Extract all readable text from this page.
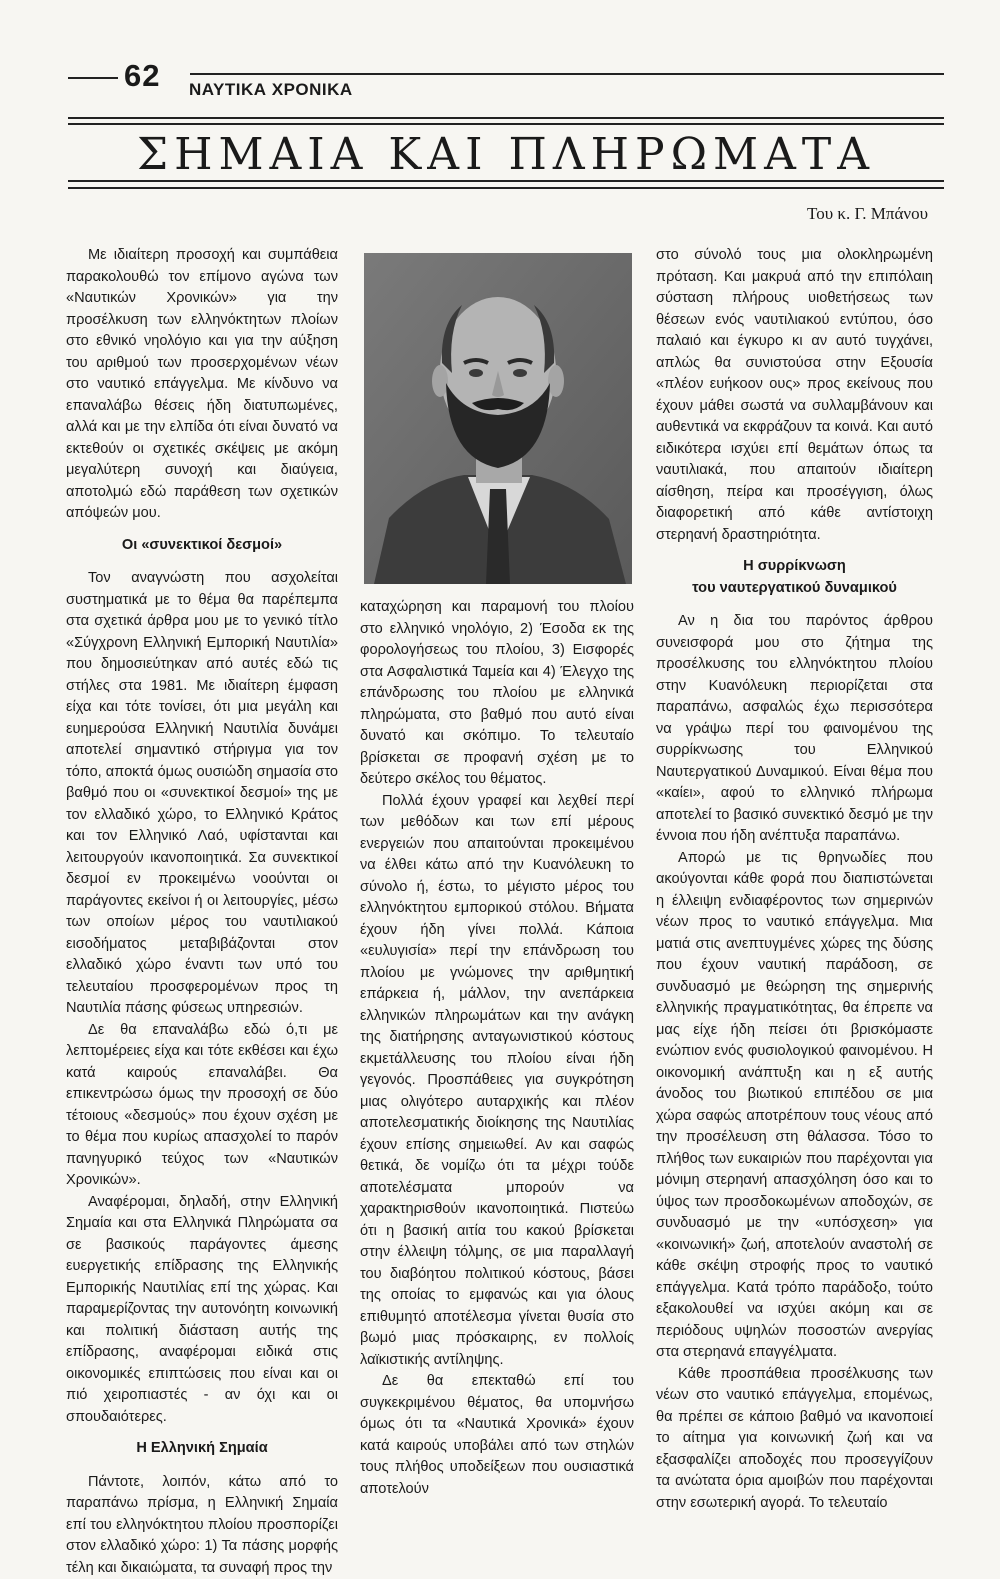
62 ΝΑΥΤΙΚΑ ΧΡΟΝΙΚΑ
ΣΗΜΑΙΑ ΚΑΙ ΠΛΗΡΩΜΑΤΑ
Του κ. Γ. Μπάνου

Με ιδιαίτερη προσοχή και συμπάθεια παρακολουθώ τον επίμονο αγώνα των «Ναυτικών Χρονικών» για την προσέλκυση των ελληνόκτητων πλοίων στο εθνικό νηολόγιο και για την αύξηση του αριθμού των προσερχομένων νέων στο ναυτικό επάγγελμα. Με κίνδυνο να επαναλάβω θέσεις ήδη διατυπωμένες, αλλά και με την ελπίδα ότι είναι δυνατό να εκτεθούν οι σχετικές σκέψεις με ακόμη μεγαλύτερη συνοχή και διαύγεια, αποτολμώ εδώ παράθεση των σχετικών απόψεών μου.

Οι «συνεκτικοί δεσμοί»

Τον αναγνώστη που ασχολείται συστηματικά με το θέμα θα παρέπεμπα στα σχετικά άρθρα μου με το γενικό τίτλο «Σύγχρονη Ελληνική Εμπορική Ναυτιλία» που δημοσιεύτηκαν από αυτές εδώ τις στήλες στα 1981. Με ιδιαίτερη έμφαση είχα και τότε τονίσει, ότι μια μεγάλη και ευημερούσα Ελληνική Ναυτιλία δυνάμει αποτελεί σημαντικό στήριγμα για τον τόπο, αποκτά όμως ουσιώδη σημασία στο βαθμό που οι «συνεκτικοί δεσμοί» της με τον ελλαδικό χώρο, το Ελληνικό Κράτος και τον Ελληνικό Λαό, υφίστανται και λειτουργούν ικανοποιητικά. Σα συνεκτικοί δεσμοί εν προκειμένω νοούνται οι παράγοντες εκείνοι ή οι λειτουργίες, μέσω των οποίων μέρος του ναυτιλιακού εισοδήματος μεταβιβάζονται στον ελλαδικό χώρο έναντι των υπό του τελευταίου προσφερομένων προς τη Ναυτιλία πάσης φύσεως υπηρεσιών.

Δε θα επαναλάβω εδώ ό,τι με λεπτομέρειες είχα και τότε εκθέσει και έχω κατά καιρούς επαναλάβει. Θα επικεντρώσω όμως την προσοχή σε δύο τέτοιους «δεσμούς» που έχουν σχέση με το θέμα που κυρίως απασχολεί το παρόν πανηγυρικό τεύχος των «Ναυτικών Χρονικών».

Αναφέρομαι, δηλαδή, στην Ελληνική Σημαία και στα Ελληνικά Πληρώματα σα σε βασικούς παράγοντες άμεσης ευεργετικής επίδρασης της Ελληνικής Εμπορικής Ναυτιλίας επί της χώρας. Και παραμερίζοντας την αυτονόητη κοινωνική και πολιτική διάσταση αυτής της επίδρασης, αναφέρομαι ειδικά στις οικονομικές επιπτώσεις που είναι και οι πιό χειροπιαστές - αν όχι και οι σπουδαιότερες.

Η Ελληνική Σημαία

Πάντοτε, λοιπόν, κάτω από το παραπάνω πρίσμα, η Ελληνική Σημαία επί του ελληνόκτητου πλοίου προσπορίζει στον ελλαδικό χώρο: 1) Τα πάσης μορφής τέλη και δικαιώματα, τα συναφή προς την

καταχώρηση και παραμονή του πλοίου στο ελληνικό νηολόγιο, 2) Έσοδα εκ της φορολογήσεως του πλοίου, 3) Εισφορές στα Ασφαλιστικά Ταμεία και 4) Έλεγχο της επάνδρωσης του πλοίου με ελληνικά πληρώματα, στο βαθμό που αυτό είναι δυνατό και σκόπιμο. Το τελευταίο βρίσκεται σε προφανή σχέση με το δεύτερο σκέλος του θέματος.

Πολλά έχουν γραφεί και λεχθεί περί των μεθόδων και των επί μέρους ενεργειών που απαιτούνται προκειμένου να έλθει κάτω από την Κυανόλευκη το σύνολο ή, έστω, το μέγιστο μέρος του ελληνόκτητου εμπορικού στόλου. Βήματα έχουν ήδη γίνει πολλά. Κάποια «ευλυγισία» περί την επάνδρωση του πλοίου με γνώμονες την αριθμητική επάρκεια ή, μάλλον, την ανεπάρκεια ελληνικών πληρωμάτων και την ανάγκη της διατήρησης ανταγωνιστικού κόστους εκμετάλλευσης του πλοίου είναι ήδη γεγονός. Προσπάθειες για συγκρότηση μιας ολιγότερο αυταρχικής και πλέον αποτελεσματικής διοίκησης της Ναυτιλίας έχουν επίσης σημειωθεί. Αν και σαφώς θετικά, δε νομίζω ότι τα μέχρι τούδε αποτελέσματα μπορούν να χαρακτηρισθούν ικανοποιητικά. Πιστεύω ότι η βασική αιτία του κακού βρίσκεται στην έλλειψη τόλμης, σε μια παραλλαγή του διαβόητου πολιτικού κόστους, βάσει της οποίας το εμφανώς και για όλους επιθυμητό αποτέλεσμα γίνεται θυσία στο βωμό μιας πρόσκαιρης, εν πολλοίς λαϊκιστικής αντίληψης.

Δε θα επεκταθώ επί του συγκεκριμένου θέματος, θα υπομνήσω όμως ότι τα «Ναυτικά Χρονικά» έχουν κατά καιρούς υποβάλει από των στηλών τους πλήθος υποδείξεων που ουσιαστικά αποτελούν

στο σύνολό τους μια ολοκληρωμένη πρόταση. Και μακρυά από την επιπόλαιη σύσταση πλήρους υιοθετήσεως των θέσεων ενός ναυτιλιακού εντύπου, όσο παλαιό και έγκυρο κι αν αυτό τυγχάνει, απλώς θα συνιστούσα στην Εξουσία «πλέον ευήκοον ους» προς εκείνους που έχουν μάθει σωστά να συλλαμβάνουν και αυθεντικά να εκφράζουν τα κοινά. Και αυτό ειδικότερα ισχύει επί θεμάτων όπως τα ναυτιλιακά, που απαιτούν ιδιαίτερη αίσθηση, πείρα και προσέγγιση, όλως διαφορετική από κάθε αντίστοιχη στερηανή δραστηριότητα.

Η συρρίκνωση
του ναυτεργατικού δυναμικού

Αν η δια του παρόντος άρθρου συνεισφορά μου στο ζήτημα της προσέλκυσης του ελληνόκτητου πλοίου στην Κυανόλευκη περιορίζεται στα παραπάνω, ασφαλώς έχω περισσότερα να γράψω περί του φαινομένου της συρρίκνωσης του Ελληνικού Ναυτεργατικού Δυναμικού. Είναι θέμα που «καίει», αφού το ελληνικό πλήρωμα αποτελεί το βασικό συνεκτικό δεσμό με την έννοια που ήδη ανέπτυξα παραπάνω.

Απορώ με τις θρηνωδίες που ακούγονται κάθε φορά που διαπιστώνεται η έλλειψη ενδιαφέροντος των σημερινών νέων προς το ναυτικό επάγγελμα. Μια ματιά στις ανεπτυγμένες χώρες της δύσης που έχουν ναυτική παράδοση, σε συνδυασμό με θεώρηση της σημερινής ελληνικής πραγματικότητας, θα έπρεπε να μας είχε ήδη πείσει ότι βρισκόμαστε ενώπιον ενός φυσιολογικού φαινομένου. Η οικονομική ανάπτυξη και η εξ αυτής άνοδος του βιωτικού επιπέδου σε μια χώρα σαφώς αποτρέπουν τους νέους από την προσέλευση στη θάλασσα. Τόσο το πλήθος των ευκαιριών που παρέχονται για μόνιμη στερηανή απασχόληση όσο και το ύψος των προσδοκωμένων αποδοχών, σε συνδυασμό με την «υπόσχεση» για «κοινωνική» ζωή, αποτελούν αναστολή σε κάθε σκέψη στροφής προς το ναυτικό επάγγελμα. Κατά τρόπο παράδοξο, τούτο εξακολουθεί να ισχύει ακόμη και σε περιόδους υψηλών ποσοστών ανεργίας στα στερηανά επαγγέλματα.

Κάθε προσπάθεια προσέλκυσης των νέων στο ναυτικό επάγγελμα, επομένως, θα πρέπει σε κάποιο βαθμό να ικανοποιεί το αίτημα για κοινωνική ζωή και να εξασφαλίζει αποδοχές που προσεγγίζουν τα ανώτατα όρια αμοιβών που παρέχονται στην εσωτερική αγορά. Το τελευταίο
